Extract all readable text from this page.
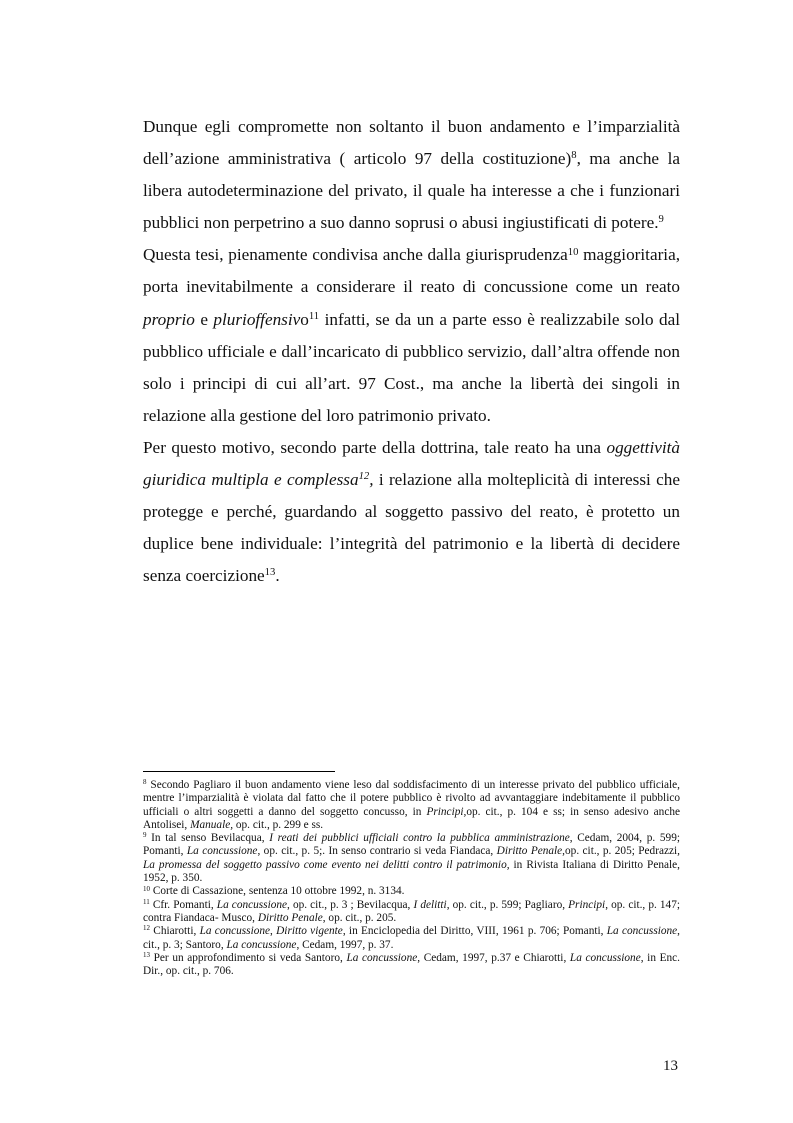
Dunque egli compromette non soltanto il buon andamento e l’imparzialità dell’azione amministrativa ( articolo 97 della costituzione)$^8$, ma anche la libera autodeterminazione del privato, il quale ha interesse a che i funzionari pubblici non perpetrino a suo danno soprusi o abusi ingiustificati di potere.$^9$

Questa tesi, pienamente condivisa anche dalla giurisprudenza$^{10}$ maggioritaria, porta inevitabilmente a considerare il reato di concussione come un reato proprio e plurioffensivo$^{11}$ infatti, se da un a parte esso è realizzabile solo dal pubblico ufficiale e dall’incaricato di pubblico servizio, dall’altra offende non solo i principi di cui all’art. 97 Cost., ma anche la libertà dei singoli in relazione alla gestione del loro patrimonio privato.

Per questo motivo, secondo parte della dottrina, tale reato ha una oggettività giuridica multipla e complessa$^{12}$, i relazione alla molteplicità di interessi che protegge e perché, guardando al soggetto passivo del reato, è protetto un duplice bene individuale: l’integrità del patrimonio e la libertà di decidere senza coercizione$^{13}$.

$^8$ Secondo Pagliaro il buon andamento viene leso dal soddisfacimento di un interesse privato del pubblico ufficiale, mentre l’imparzialità è violata dal fatto che il potere pubblico è rivolto ad avvantaggiare indebitamente il pubblico ufficiali o altri soggetti a danno del soggetto concusso, in Principi,op. cit., p. 104 e ss; in senso adesivo anche Antolisei, Manuale, op. cit., p. 299 e ss.

$^9$ In tal senso Bevilacqua, I reati dei pubblici ufficiali contro la pubblica amministrazione, Cedam, 2004, p. 599; Pomanti, La concussione, op. cit., p. 5;. In senso contrario si veda Fiandaca, Diritto Penale,op. cit., p. 205; Pedrazzi, La promessa del soggetto passivo come evento nei delitti contro il patrimonio, in Rivista Italiana di Diritto Penale, 1952, p. 350.

$^{10}$ Corte di Cassazione, sentenza 10 ottobre 1992, n. 3134.

$^{11}$ Cfr. Pomanti, La concussione, op. cit., p. 3 ; Bevilacqua, I delitti, op. cit., p. 599; Pagliaro, Principi, op. cit., p. 147; contra Fiandaca- Musco, Diritto Penale, op. cit., p. 205.

$^{12}$ Chiarotti, La concussione, Diritto vigente, in Enciclopedia del Diritto, VIII, 1961 p. 706; Pomanti, La concussione, cit., p. 3; Santoro, La concussione, Cedam, 1997, p. 37.

$^{13}$ Per un approfondimento si veda Santoro, La concussione, Cedam, 1997, p.37 e Chiarotti, La concussione, in Enc. Dir., op. cit., p. 706.

13
